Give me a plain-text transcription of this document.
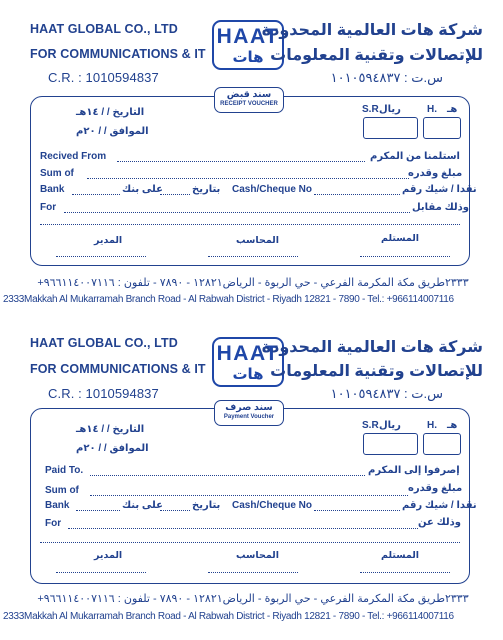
HAAT GLOBAL CO., LTD
FOR COMMUNICATIONS & IT
C.R. : 1010594837
HAAT
هات
شركة هات العالمية المحدودة
للإتصالات وتقنية المعلومات
س.ت : ١٠١٠٥٩٤٨٣٧
سند قبض
RECEIPT VOUCHER
التاريخ / / ١٤هـ
الموافق / / ٢٠م
هـ
H.
ريال
S.R
Recived From	استلمنا من المكرم
Sum of	مبلغ وقدره
Bank	على بنك	بتاريخ Cash/Cheque No	نقدا / شيك رقم
For	وذلك مقابل
المستلم
المحاسب
المدير
٢٣٣٣طريق مكة المكرمة الفرعي - حي الربوة - الرياض١٢٨٢١ - ٧٨٩٠ - تلفون : ٩٦٦١١٤٠٠٧١١٦+
2333Makkah Al Mukarramah Branch Road - Al Rabwah District - Riyadh 12821 - 7890 - Tel.: +966114007116
HAAT GLOBAL CO., LTD
FOR COMMUNICATIONS & IT
C.R. : 1010594837
HAAT
هات
شركة هات العالمية المحدودة
للإتصالات وتقنية المعلومات
س.ت : ١٠١٠٥٩٤٨٣٧
سند صرف
Payment Voucher
التاريخ / / ١٤هـ
الموافق / / ٢٠م
هـ
H.
ريال
S.R
Paid To.	إصرفوا إلى المكرم
Sum of	مبلغ وقدره
Bank	على بنك	بتاريخ Cash/Cheque No	نقدا / شيك رقم
For	وذلك عن
المستلم
المحاسب
المدير
٢٣٣٣طريق مكة المكرمة الفرعي - حي الربوة - الرياض١٢٨٢١ - ٧٨٩٠ - تلفون : ٩٦٦١١٤٠٠٧١١٦+
2333Makkah Al Mukarramah Branch Road - Al Rabwah District - Riyadh 12821 - 7890 - Tel.: +966114007116
